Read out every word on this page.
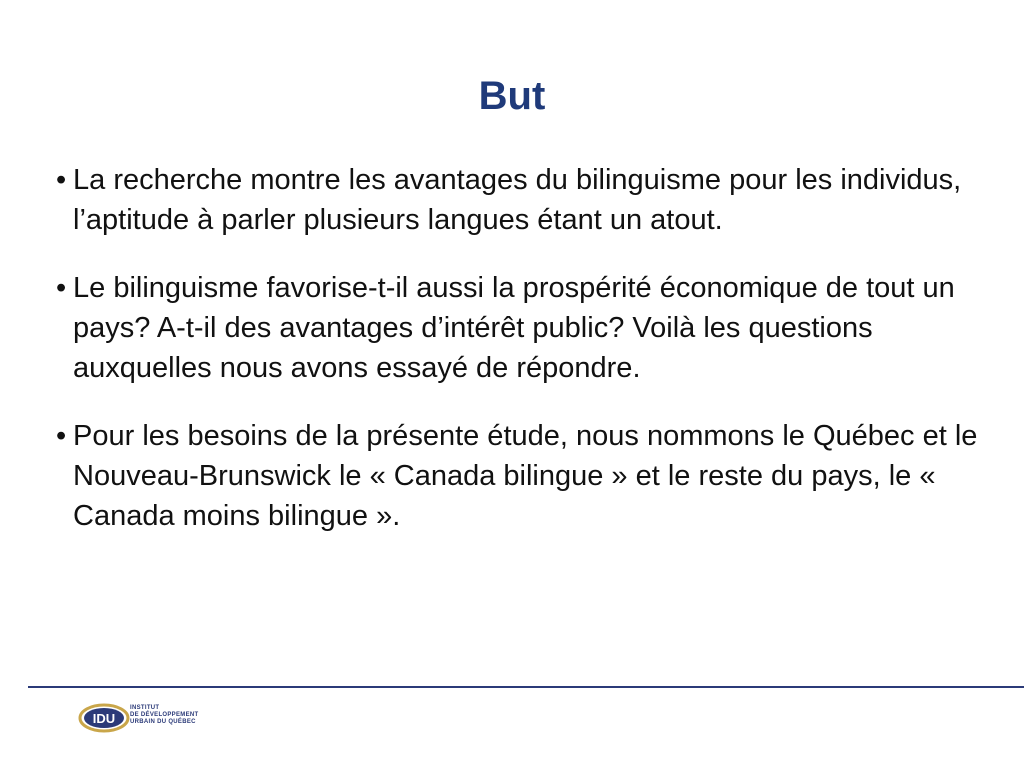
But
• La recherche montre les avantages du bilinguisme pour les individus, l’aptitude à parler plusieurs langues étant un atout.
• Le bilinguisme favorise-t-il aussi la prospérité économique de tout un pays? A-t-il des avantages d’intérêt public? Voilà les questions auxquelles nous avons essayé de répondre.
• Pour les besoins de la présente étude, nous nommons le Québec et le Nouveau-Brunswick le « Canada bilingue » et le reste du pays, le « Canada moins bilingue ».
IDU
INSTITUT
DE DÉVELOPPEMENT
URBAIN DU QUÉBEC
